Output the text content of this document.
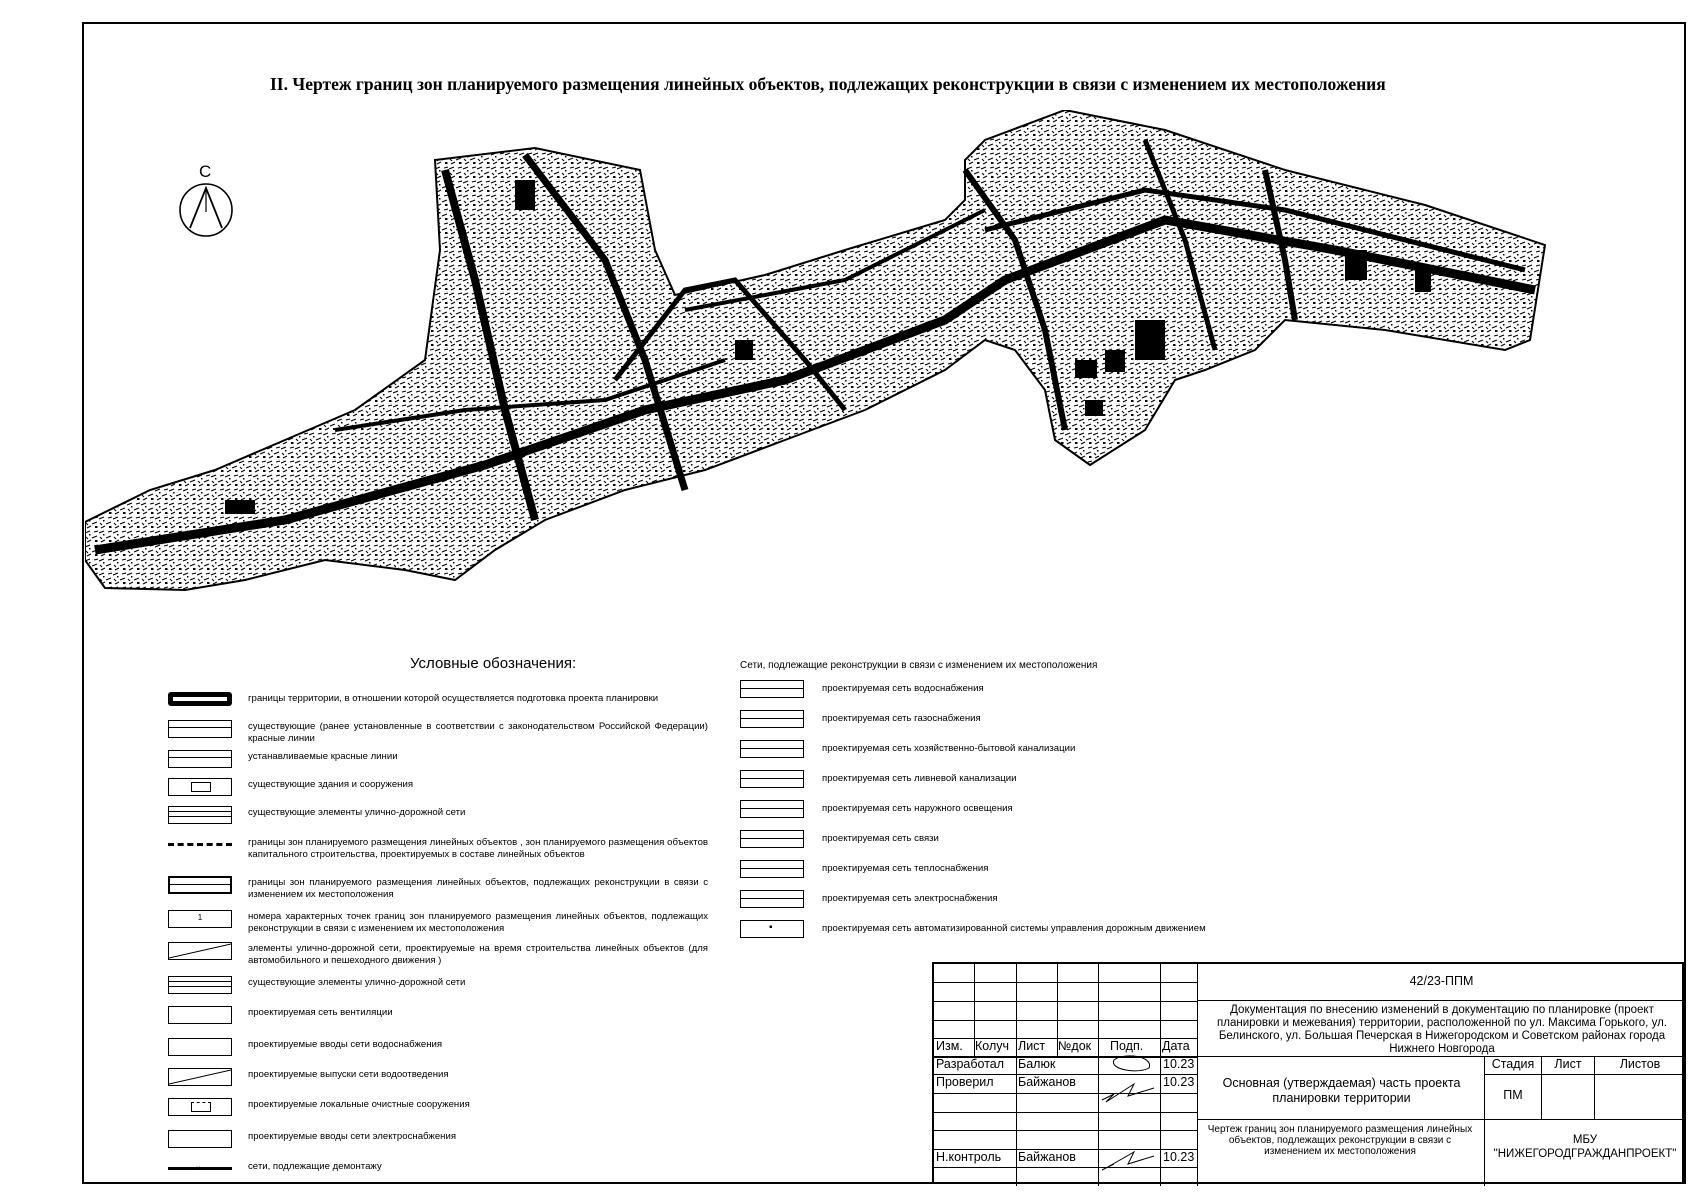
II. Чертеж границ зон планируемого размещения линейных объектов, подлежащих реконструкции в связи с изменением их местоположения
С
Условные обозначения:
границы территории, в отношении которой осуществляется подготовка проекта планировки
существующие (ранее установленные в соответствии с законодательством Российской Федерации) красные линии
устанавливаемые красные линии
существующие здания и сооружения
существующие элементы улично-дорожной сети
границы зон планируемого размещения линейных объектов , зон планируемого размещения объектов капитального строительства, проектируемых в составе линейных объектов
границы зон планируемого размещения линейных объектов, подлежащих реконструкции в связи с изменением их местоположения
1	номера характерных точек границ зон планируемого размещения линейных объектов, подлежащих реконструкции в связи с изменением их местоположения
элементы улично-дорожной сети, проектируемые на время строительства линейных объектов (для автомобильного и пешеходного движения )
существующие элементы улично-дорожной сети
проектируемая сеть вентиляции
проектируемые вводы сети водоснабжения
проектируемые выпуски сети водоотведения
проектируемые локальные очистные сооружения
проектируемые вводы сети электроснабжения
×	сети, подлежащие демонтажу
Сети, подлежащие реконструкции в связи с изменением их местоположения
проектируемая сеть водоснабжения
проектируемая сеть газоснабжения
проектируемая сеть хозяйственно-бытовой канализации
проектируемая сеть ливневой канализации
проектируемая сеть наружного освещения
проектируемая сеть связи
проектируемая сеть теплоснабжения
проектируемая сеть электроснабжения
▪	проектируемая сеть автоматизированной системы управления дорожным движением
Изм. Колуч Лист	№док	Подп.	Дата
Разработал	Балюк	10.23
Проверил	Байжанов	10.23
Н.контроль	Байжанов	10.23
42/23-ППМ
Документация по внесению изменений в документацию по планировке (проект планировки и межевания) территории, расположенной по ул. Максима Горького, ул. Белинского, ул. Большая Печерская в Нижегородском и Советском районах города Нижнего Новгорода
Основная (утверждаемая) часть проекта планировки территории
Стадия	Лист	Листов
ПМ
Чертеж границ зон планируемого размещения линейных объектов, подлежащих реконструкции в связи с изменением их местоположения
МБУ
"НИЖЕГОРОДГРАЖДАНПРОЕКТ"
